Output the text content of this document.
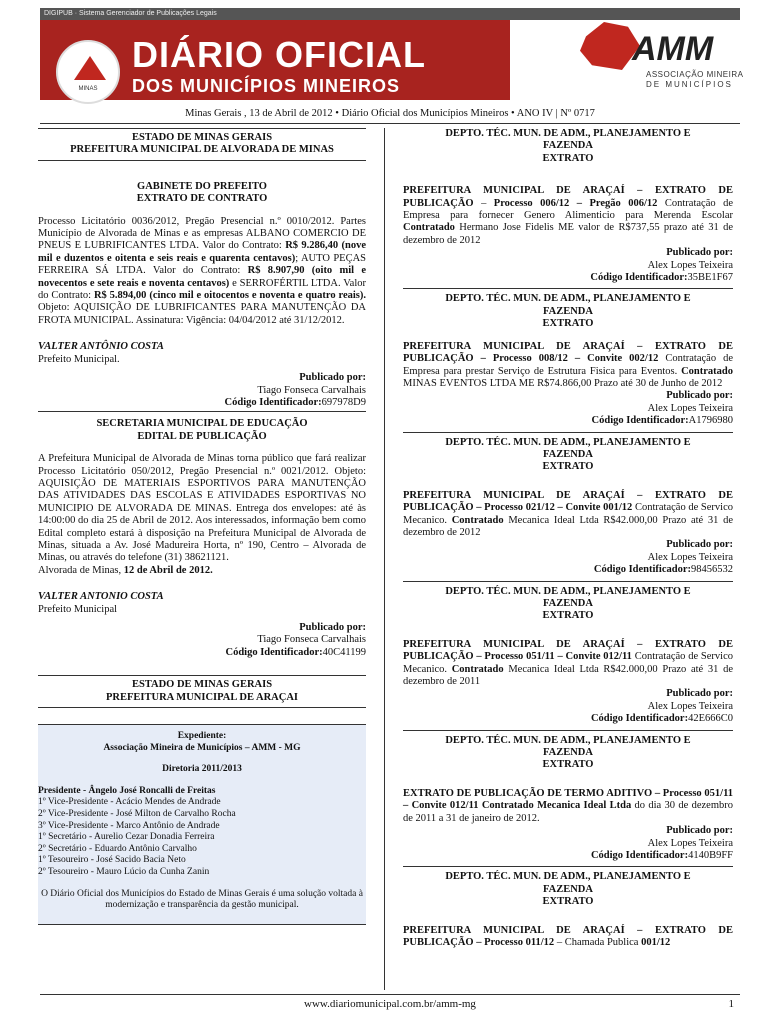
DIGIPUB · Sistema Gerenciador de Publicações Legais
MINAS
DIÁRIO OFICIAL
DOS MUNICÍPIOS MINEIROS
AMM
ASSOCIAÇÃO MINEIRA
DE MUNICÍPIOS
Minas Gerais , 13 de Abril de 2012 • Diário Oficial dos Municípios Mineiros • ANO IV | Nº 0717
ESTADO DE MINAS GERAIS
PREFEITURA MUNICIPAL DE ALVORADA DE MINAS
GABINETE DO PREFEITO
EXTRATO DE CONTRATO

Processo Licitatório 0036/2012, Pregão Presencial n.º 0010/2012. Partes Município de Alvorada de Minas e as empresas ALBANO COMERCIO DE PNEUS E LUBRIFICANTES LTDA. Valor do Contrato: R$ 9.286,40 (nove mil e duzentos e oitenta e seis reais e quarenta centavos); AUTO PEÇAS FERREIRA SÁ LTDA. Valor do Contrato: R$ 8.907,90 (oito mil e novecentos e sete reais e noventa centavos) e SERROFÉRTIL LTDA. Valor do Contrato: R$ 5.894,00 (cinco mil e oitocentos e noventa e quatro reais). Objeto: AQUISIÇÃO DE LUBRIFICANTES PARA MANUTENÇÃO DA FROTA MUNICIPAL. Assinatura: Vigência: 04/04/2012 até 31/12/2012.

VALTER ANTÔNIO COSTA
Prefeito Municipal.
Publicado por:
Tiago Fonseca Carvalhais
Código Identificador:697978D9
SECRETARIA MUNICIPAL DE EDUCAÇÃO
EDITAL DE PUBLICAÇÃO

A Prefeitura Municipal de Alvorada de Minas torna público que fará realizar Processo Licitatório 050/2012, Pregão Presencial n.º 0021/2012. Objeto: AQUISIÇÃO DE MATERIAIS ESPORTIVOS PARA MANUTENÇÃO DAS ATIVIDADES DAS ESCOLAS E ATIVIDADES ESPORTIVAS NO MUNICIPIO DE ALVORADA DE MINAS. Entrega dos envelopes: até às 14:00:00 do dia 25 de Abril de 2012. Aos interessados, informação bem como Edital completo estará à disposição na Prefeitura Municipal de Alvorada de Minas, situada a Av. José Madureira Horta, nº 190, Centro – Alvorada de Minas, ou através do telefone (31) 38621121.

Alvorada de Minas, 12 de Abril de 2012.
VALTER ANTONIO COSTA
Prefeito Municipal
Publicado por:
Tiago Fonseca Carvalhais
Código Identificador:40C41199
ESTADO DE MINAS GERAIS
PREFEITURA MUNICIPAL DE ARAÇAI
Expediente:
Associação Mineira de Municípios – AMM - MG
Diretoria 2011/2013
Presidente - Ângelo José Roncalli de Freitas
1º Vice-Presidente - Acácio Mendes de Andrade
2º Vice-Presidente - José Milton de Carvalho Rocha
3º Vice-Presidente - Marco Antônio de Andrade
1º Secretário - Aurelio Cezar Donadia Ferreira
2º Secretário - Eduardo Antônio Carvalho
1º Tesoureiro - José Sacido Bacia Neto
2º Tesoureiro - Mauro Lúcio da Cunha Zanin
O Diário Oficial dos Municípios do Estado de Minas Gerais é uma solução voltada à modernização e transparência da gestão municipal.
DEPTO. TÉC. MUN. DE ADM., PLANEJAMENTO E
FAZENDA
EXTRATO

PREFEITURA MUNICIPAL DE ARAÇAÍ – EXTRATO DE PUBLICAÇÃO – Processo 006/12 – Pregão 006/12 Contratação de Empresa para fornecer Genero Alimenticio para Merenda Escolar Contratado Hermano Jose Fidelis ME valor de R$737,55 prazo até 31 de dezembro de 2012

Publicado por:
Alex Lopes Teixeira
Código Identificador:35BE1F67
DEPTO. TÉC. MUN. DE ADM., PLANEJAMENTO E
FAZENDA
EXTRATO

PREFEITURA MUNICIPAL DE ARAÇAÍ – EXTRATO DE PUBLICAÇÃO – Processo 008/12 – Convite 002/12 Contratação de Empresa para prestar Serviço de Estrutura Fisica para Eventos. Contratado MINAS EVENTOS LTDA ME R$74.866,00 Prazo até 30 de Junho de 2012

Publicado por:
Alex Lopes Teixeira
Código Identificador:A1796980
DEPTO. TÉC. MUN. DE ADM., PLANEJAMENTO E
FAZENDA
EXTRATO

PREFEITURA MUNICIPAL DE ARAÇAÍ – EXTRATO DE PUBLICAÇÃO – Processo 021/12 – Convite 001/12 Contratação de Servico Mecanico. Contratado Mecanica Ideal Ltda R$42.000,00 Prazo até 31 de dezembro de 2012

Publicado por:
Alex Lopes Teixeira
Código Identificador:98456532
DEPTO. TÉC. MUN. DE ADM., PLANEJAMENTO E
FAZENDA
EXTRATO

PREFEITURA MUNICIPAL DE ARAÇAÍ – EXTRATO DE PUBLICAÇÃO – Processo 051/11 – Convite 012/11 Contratação de Servico Mecanico. Contratado Mecanica Ideal Ltda R$42.000,00 Prazo até 31 de dezembro de 2011

Publicado por:
Alex Lopes Teixeira
Código Identificador:42E666C0
DEPTO. TÉC. MUN. DE ADM., PLANEJAMENTO E
FAZENDA
EXTRATO

EXTRATO DE PUBLICAÇÃO DE TERMO ADITIVO – Processo 051/11 – Convite 012/11 Contratado Mecanica Ideal Ltda do dia 30 de dezembro de 2011 a 31 de janeiro de 2012.

Publicado por:
Alex Lopes Teixeira
Código Identificador:4140B9FF
DEPTO. TÉC. MUN. DE ADM., PLANEJAMENTO E
FAZENDA
EXTRATO

PREFEITURA MUNICIPAL DE ARAÇAÍ – EXTRATO DE PUBLICAÇÃO – Processo 011/12 – Chamada Publica 001/12

www.diariomunicipal.com.br/amm-mg	1
